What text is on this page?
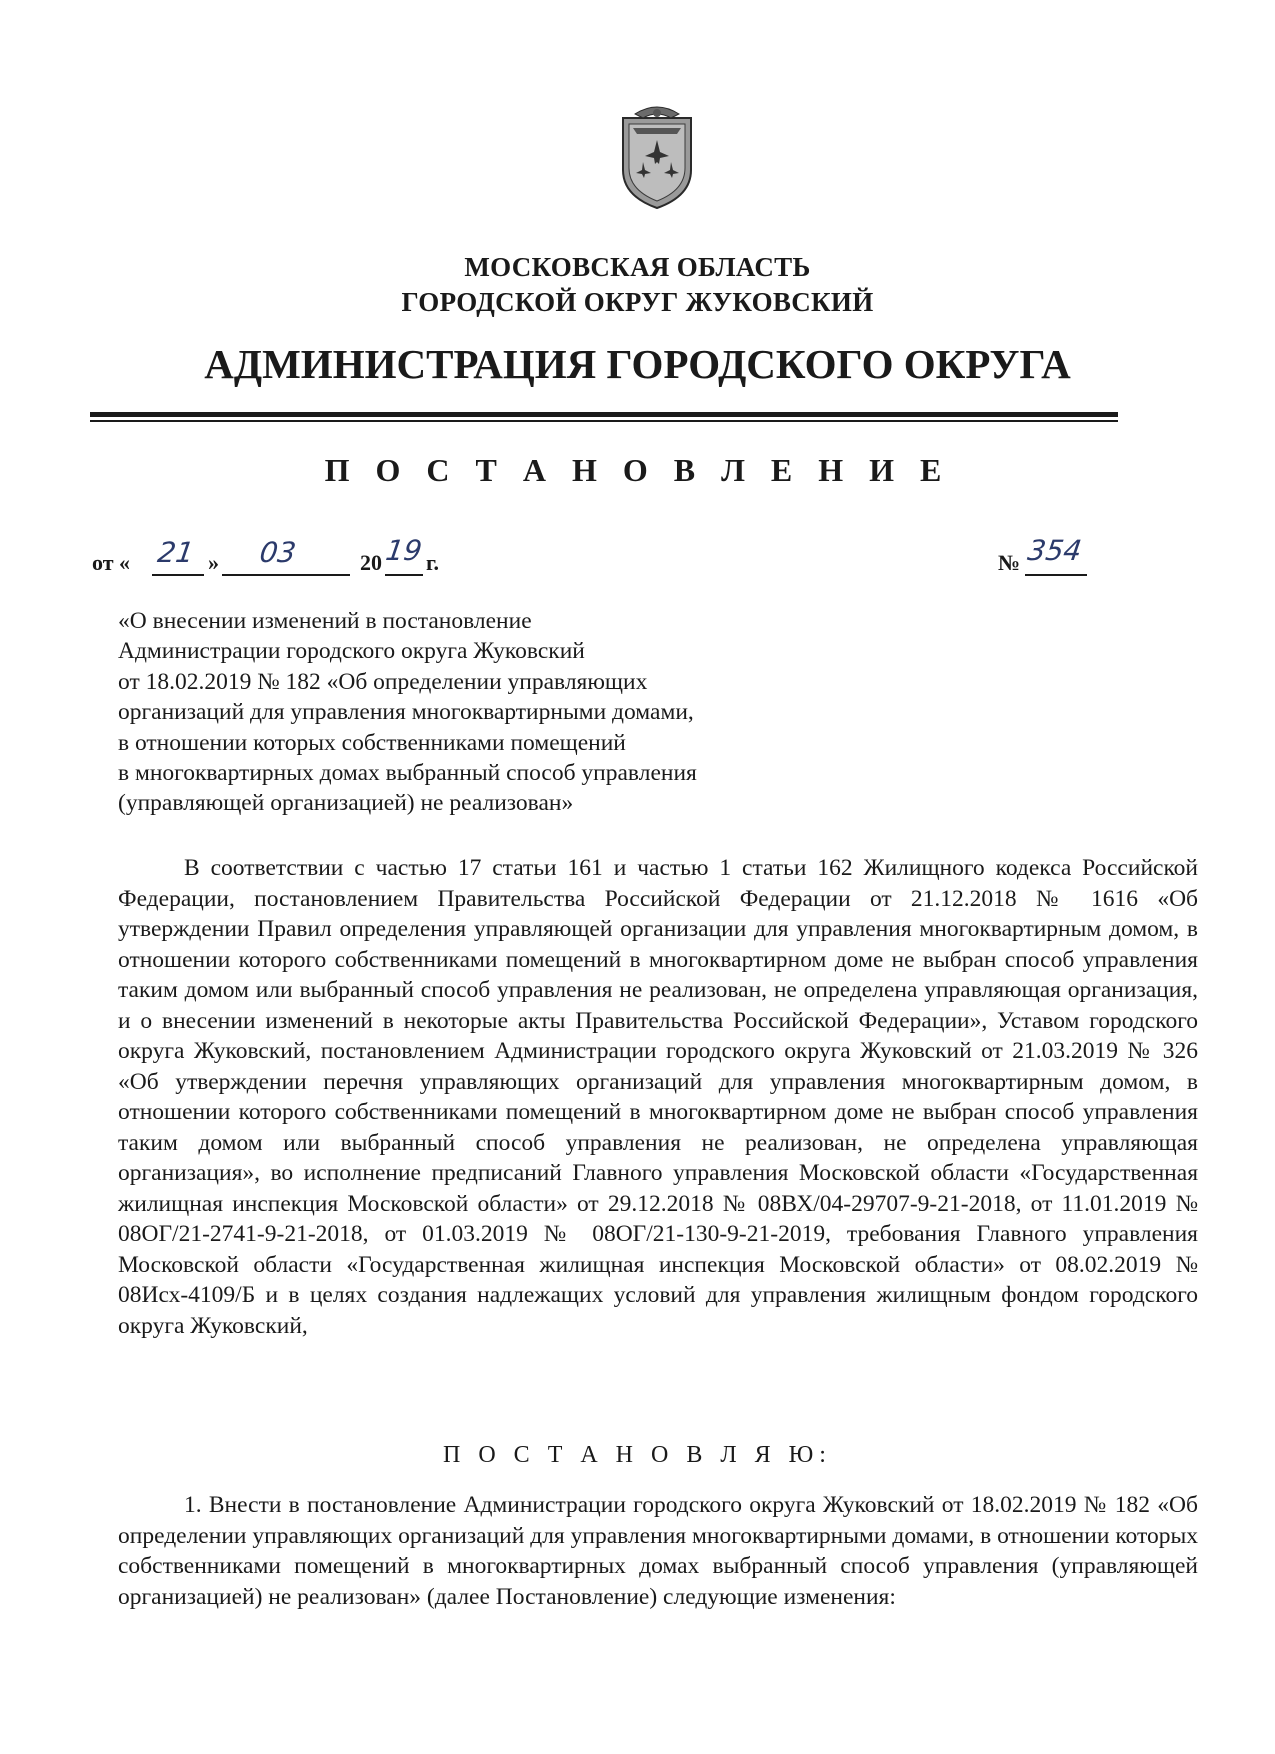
МОСКОВСКАЯ ОБЛАСТЬ
ГОРОДСКОЙ ОКРУГ ЖУКОВСКИЙ
АДМИНИСТРАЦИЯ ГОРОДСКОГО ОКРУГА
П О С Т А Н О В Л Е Н И Е
от « 21 » 03	20 19 г.	№ 354
«О внесении изменений в постановление
Администрации городского округа Жуковский
от 18.02.2019 № 182 «Об определении управляющих
организаций для управления многоквартирными домами,
в отношении которых собственниками помещений
в многоквартирных домах выбранный способ управления
(управляющей организацией) не реализован»
В соответствии с частью 17 статьи 161 и частью 1 статьи 162 Жилищного кодекса Российской Федерации, постановлением Правительства Российской Федерации от 21.12.2018 № 1616 «Об утверждении Правил определения управляющей организации для управления многоквартирным домом, в отношении которого собственниками помещений в многоквартирном доме не выбран способ управления таким домом или выбранный способ управления не реализован, не определена управляющая организация, и о внесении изменений в некоторые акты Правительства Российской Федерации», Уставом городского округа Жуковский, постановлением Администрации городского округа Жуковский от 21.03.2019 № 326 «Об утверждении перечня управляющих организаций для управления многоквартирным домом, в отношении которого собственниками помещений в многоквартирном доме не выбран способ управления таким домом или выбранный способ управления не реализован, не определена управляющая организация», во исполнение предписаний Главного управления Московской области «Государственная жилищная инспекция Московской области» от 29.12.2018 № 08ВХ/04-29707-9-21-2018, от 11.01.2019 № 08ОГ/21-2741-9-21-2018, от 01.03.2019 № 08ОГ/21-130-9-21-2019, требования Главного управления Московской области «Государственная жилищная инспекция Московской области» от 08.02.2019 № 08Исх-4109/Б и в целях создания надлежащих условий для управления жилищным фондом городского округа Жуковский,
П О С Т А Н О В Л Я Ю:
1. Внести в постановление Администрации городского округа Жуковский от 18.02.2019 № 182 «Об определении управляющих организаций для управления многоквартирными домами, в отношении которых собственниками помещений в многоквартирных домах выбранный способ управления (управляющей организацией) не реализован» (далее Постановление) следующие изменения:
